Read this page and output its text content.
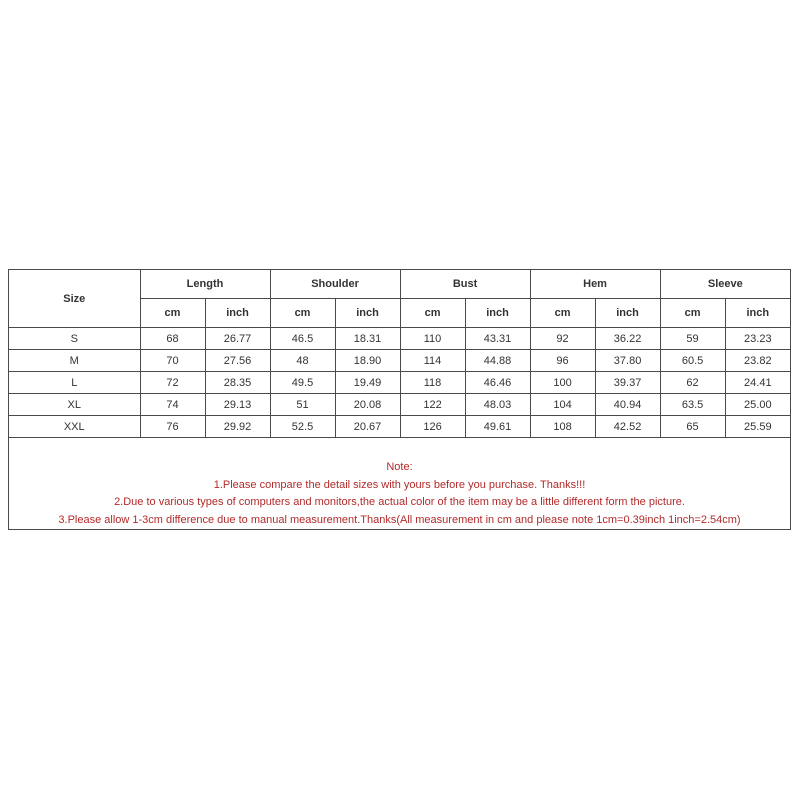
Size	Length		Shoulder		Bust		Hem		Sleeve	
	cm	inch	cm	inch	cm	inch	cm	inch	cm	inch
S	68	26.77	46.5	18.31	110	43.31	92	36.22	59	23.23
M	70	27.56	48	18.90	114	44.88	96	37.80	60.5	23.82
L	72	28.35	49.5	19.49	118	46.46	100	39.37	62	24.41
XL	74	29.13	51	20.08	122	48.03	104	40.94	63.5	25.00
XXL	76	29.92	52.5	20.67	126	49.61	108	42.52	65	25.59
Note:
1.Please compare the detail sizes with yours before you purchase. Thanks!!!
2.Due to various types of computers and monitors,the actual color of the item may be a little different form the picture.
3.Please allow 1-3cm difference due to manual measurement.Thanks(All measurement in cm and please note 1cm=0.39inch 1inch=2.54cm)
